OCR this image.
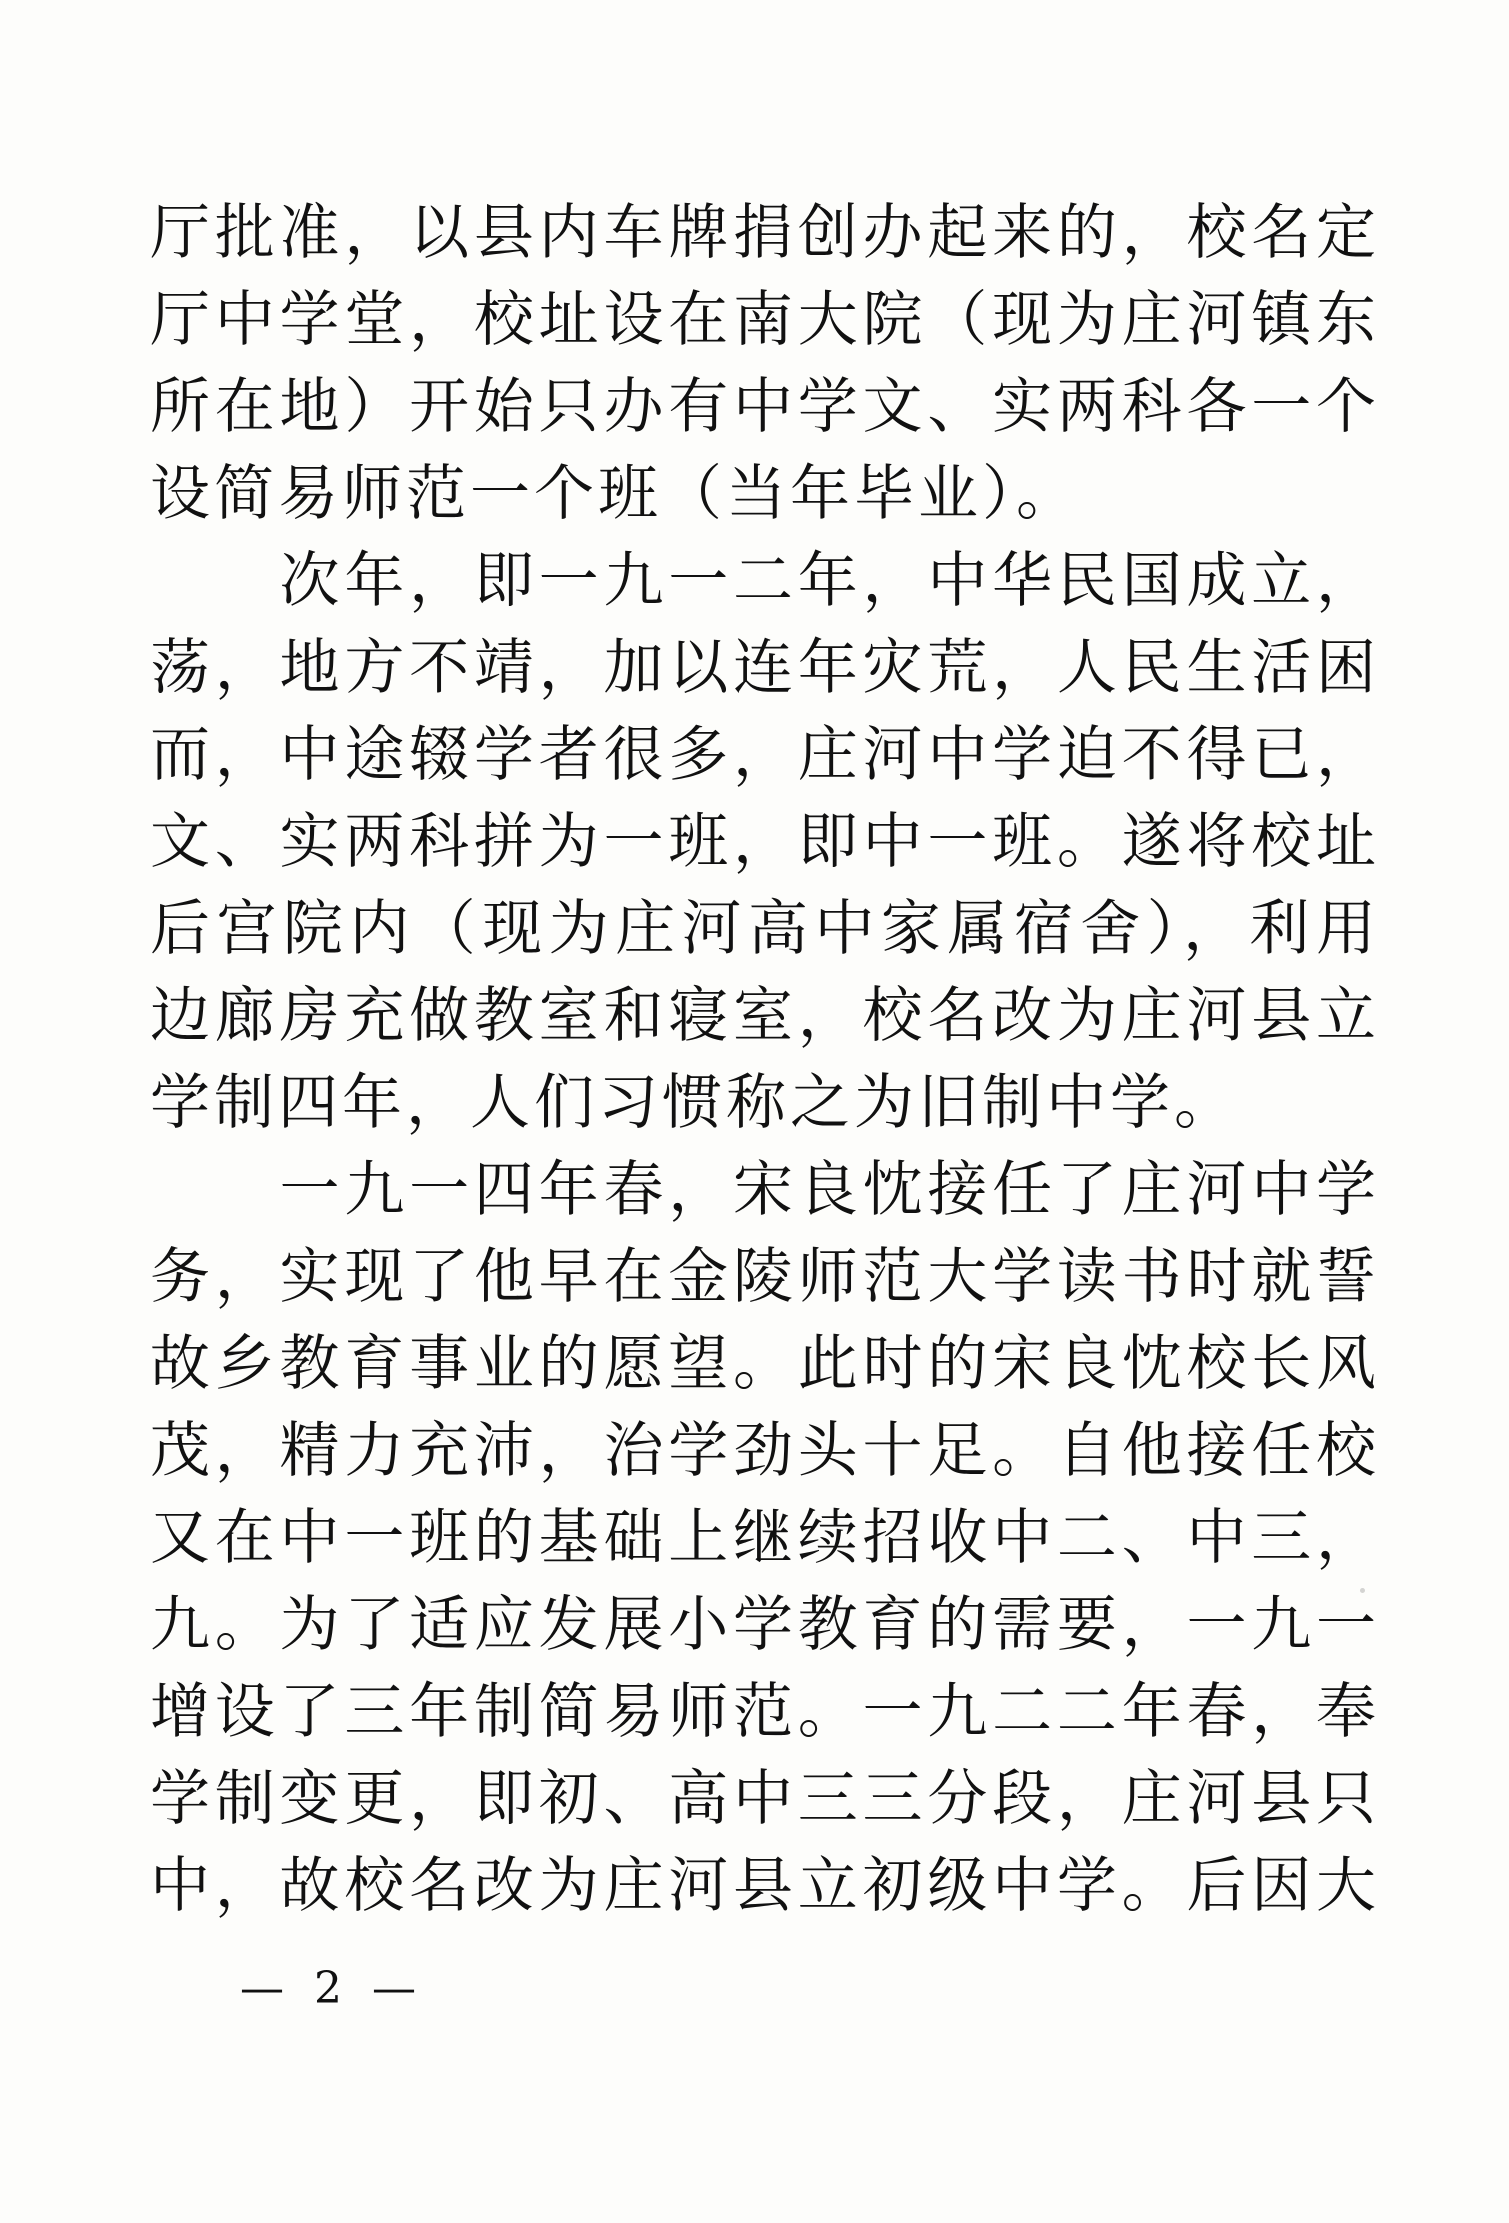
厅批准，以县内车牌捐创办起来的，校名定
厅中学堂，校址设在南大院（现为庄河镇东
所在地）开始只办有中学文、实两科各一个
设简易师范一个班（当年毕业）。
　　次年，即一九一二年，中华民国成立，
荡，地方不靖，加以连年灾荒，人民生活困
而，中途辍学者很多，庄河中学迫不得已，
文、实两科拼为一班，即中一班。遂将校址
后宫院内（现为庄河高中家属宿舍），利用
边廊房充做教室和寝室，校名改为庄河县立
学制四年，人们习惯称之为旧制中学。
　　一九一四年春，宋良忱接任了庄河中学
务，实现了他早在金陵师范大学读书时就誓
故乡教育事业的愿望。此时的宋良忱校长风
茂，精力充沛，治学劲头十足。自他接任校
又在中一班的基础上继续招收中二、中三，
九。为了适应发展小学教育的需要，一九一
增设了三年制简易师范。一九二二年春，奉
学制变更，即初、高中三三分段，庄河县只
中，故校名改为庄河县立初级中学。后因大
— 2 —
